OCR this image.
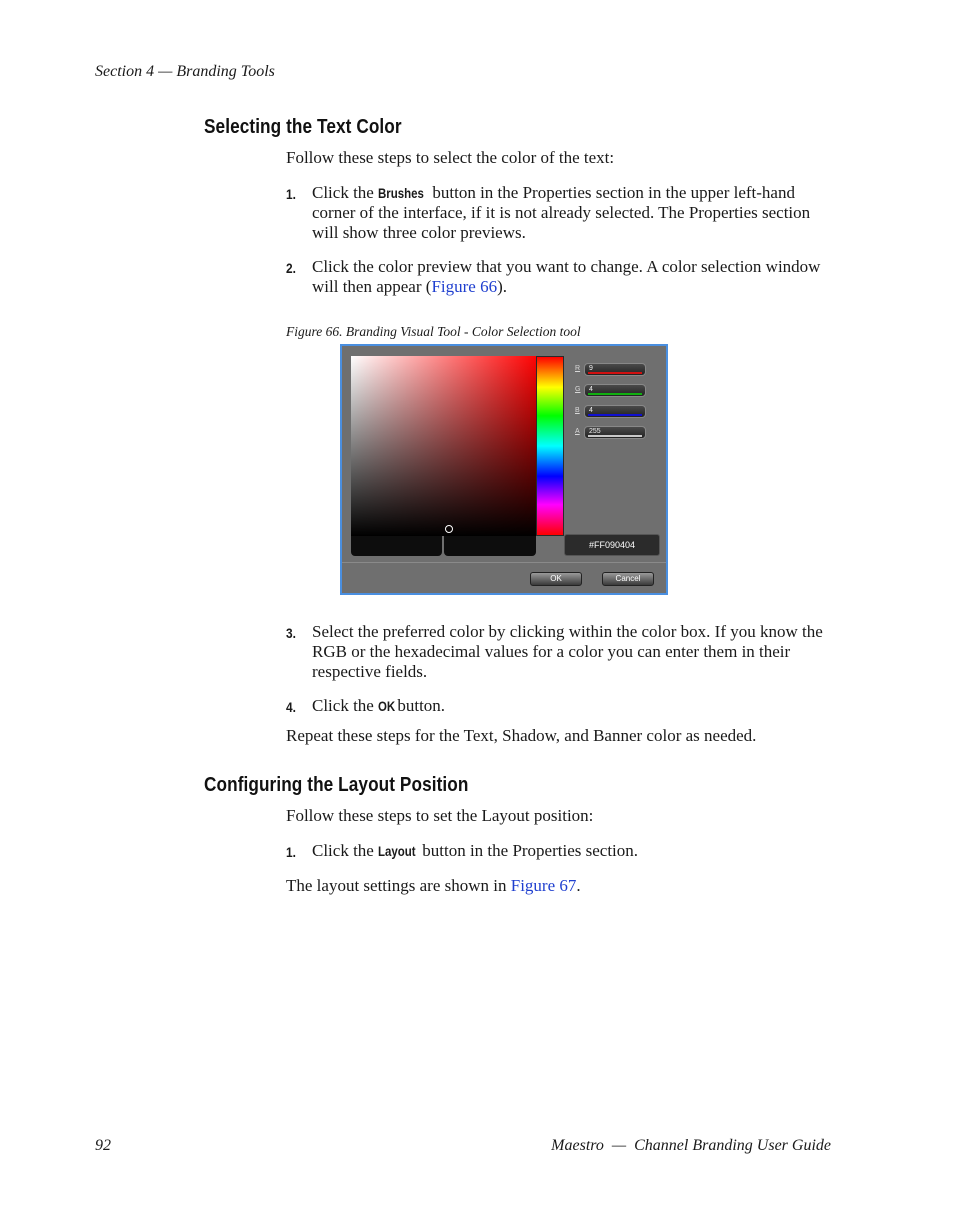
Section 4 — Branding Tools
Selecting the Text Color
Follow these steps to select the color of the text:
1. Click the Brushes button in the Properties section in the upper left-hand corner of the interface, if it is not already selected. The Properties section will show three color previews.
2. Click the color preview that you want to change. A color selection window will then appear (Figure 66).
Figure 66. Branding Visual Tool - Color Selection tool
R	9
G	4
B	4
A	255
#FF090404
OK	Cancel
3. Select the preferred color by clicking within the color box. If you know the RGB or the hexadecimal values for a color you can enter them in their respective fields.
4. Click the OK button.
Repeat these steps for the Text, Shadow, and Banner color as needed.
Configuring the Layout Position
Follow these steps to set the Layout position:
1. Click the Layout button in the Properties section.
The layout settings are shown in Figure 67.
92	Maestro  —  Channel Branding User Guide
